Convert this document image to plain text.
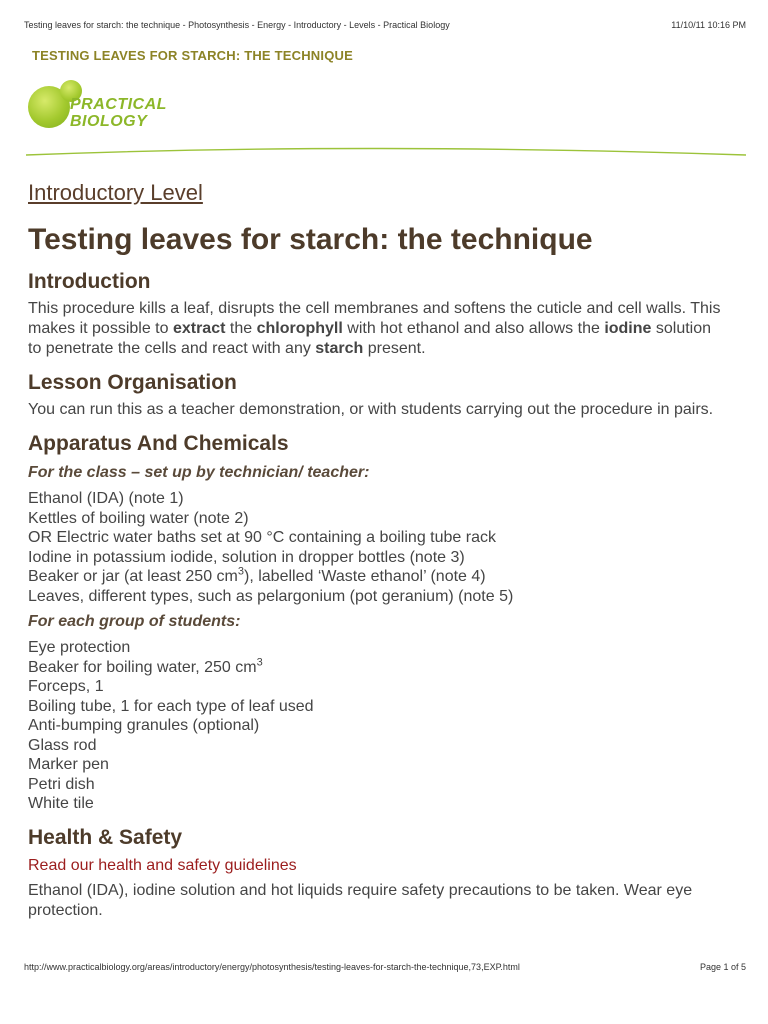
Testing leaves for starch: the technique - Photosynthesis - Energy - Introductory - Levels - Practical Biology	11/10/11 10:16 PM
TESTING LEAVES FOR STARCH: THE TECHNIQUE
PRACTICAL
BIOLOGY
Introductory Level
Testing leaves for starch: the technique
Introduction

This procedure kills a leaf, disrupts the cell membranes and softens the cuticle and cell walls. This makes it possible to extract the chlorophyll with hot ethanol and also allows the iodine solution to penetrate the cells and react with any starch present.

Lesson Organisation

You can run this as a teacher demonstration, or with students carrying out the procedure in pairs.

Apparatus And Chemicals
For the class – set up by technician/ teacher:
Ethanol (IDA) (note 1)
Kettles of boiling water (note 2)
OR Electric water baths set at 90 °C containing a boiling tube rack
Iodine in potassium iodide, solution in dropper bottles (note 3)
Beaker or jar (at least 250 $cm^3$), labelled ‘Waste ethanol’ (note 4)
Leaves, different types, such as pelargonium (pot geranium) (note 5)
For each group of students:
Eye protection
Beaker for boiling water, 250 $cm^3$
Forceps, 1
Boiling tube, 1 for each type of leaf used
Anti-bumping granules (optional)
Glass rod
Marker pen
Petri dish
White tile
Health & Safety
Read our health and safety guidelines

Ethanol (IDA), iodine solution and hot liquids require safety precautions to be taken. Wear eye protection.

http://www.practicalbiology.org/areas/introductory/energy/photosynthesis/testing-leaves-for-starch-the-technique,73,EXP.html	Page 1 of 5
